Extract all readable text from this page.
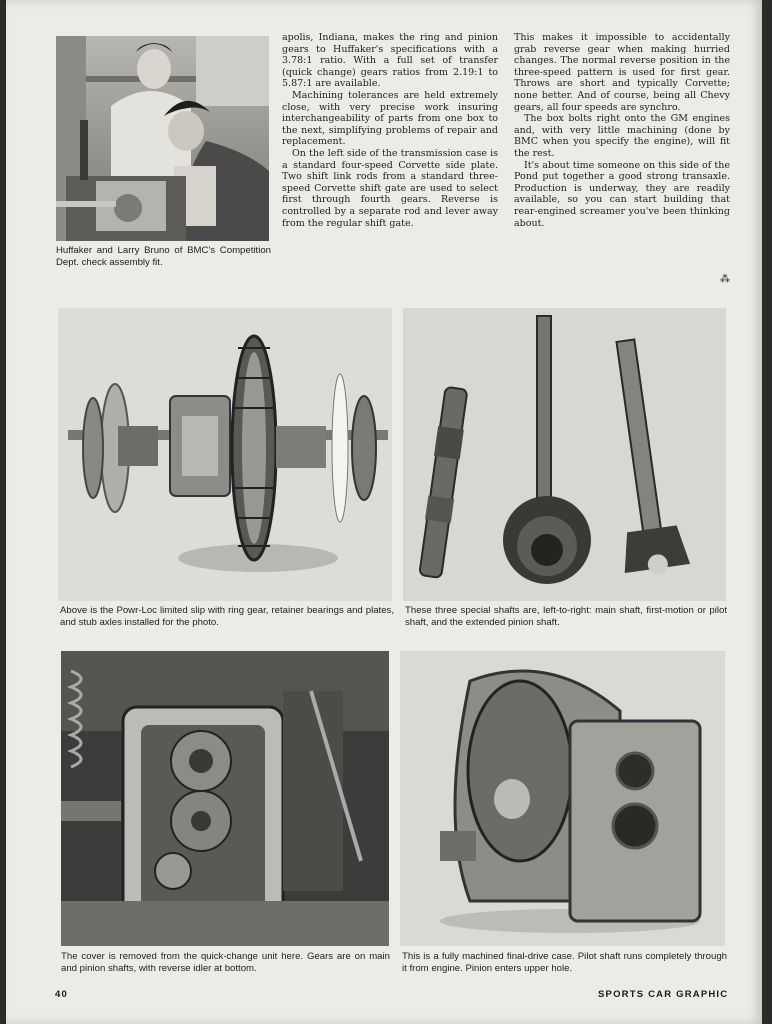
Huffaker and Larry Bruno of BMC's Competition Dept. check assembly fit.

apolis, Indiana, makes the ring and pinion gears to Huffaker's specifications with a 3.78:1 ratio. With a full set of transfer (quick change) gears ratios from 2.19:1 to 5.87:1 are available.

Machining tolerances are held extremely close, with very precise work insuring interchangeability of parts from one box to the next, simplifying problems of repair and replacement.

On the left side of the transmission case is a standard four-speed Corvette side plate. Two shift link rods from a standard three-speed Corvette shift gate are used to select first through fourth gears. Reverse is controlled by a separate rod and lever away from the regular shift gate.

This makes it impossible to accidentally grab reverse gear when making hurried changes. The normal reverse position in the three-speed pattern is used for first gear. Throws are short and typically Corvette; none better. And of course, being all Chevy gears, all four speeds are synchro.

The box bolts right onto the GM engines and, with very little machining (done by BMC when you specify the engine), will fit the rest.

It's about time someone on this side of the Pond put together a good strong transaxle. Production is underway, they are readily available, so you can start building that rear-engined screamer you've been thinking about.

⁂
Above is the Powr-Loc limited slip with ring gear, retainer bearings and plates, and stub axles installed for the photo.
These three special shafts are, left-to-right: main shaft, first-motion or pilot shaft, and the extended pinion shaft.
The cover is removed from the quick-change unit here. Gears are on main and pinion shafts, with reverse idler at bottom.
This is a fully machined final-drive case. Pilot shaft runs completely through it from engine. Pinion enters upper hole.
40	SPORTS CAR GRAPHIC
